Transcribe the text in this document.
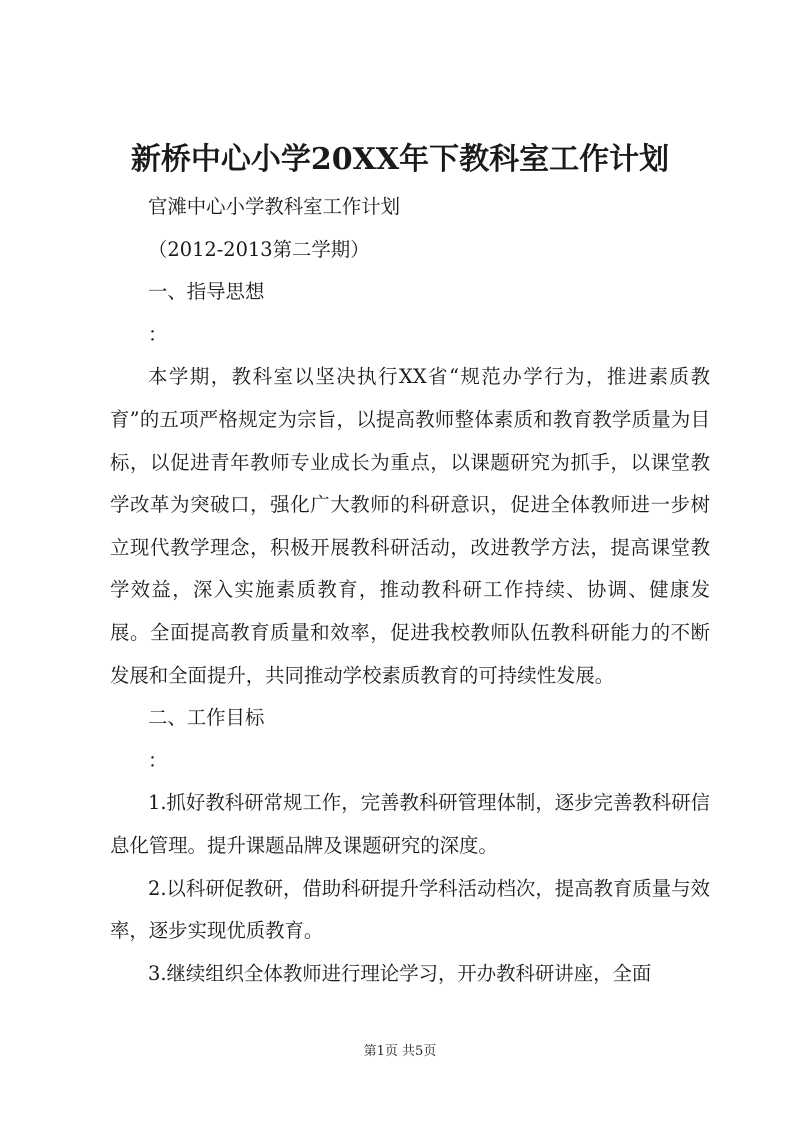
新桥中心小学20XX年下教科室工作计划

官滩中心小学教科室工作计划

（2012-2013第二学期）

一、指导思想

：

本学期，教科室以坚决执行XX省“规范办学行为，推进素质教育”的五项严格规定为宗旨，以提高教师整体素质和教育教学质量为目标，以促进青年教师专业成长为重点，以课题研究为抓手，以课堂教学改革为突破口，强化广大教师的科研意识，促进全体教师进一步树立现代教学理念，积极开展教科研活动，改进教学方法，提高课堂教学效益，深入实施素质教育，推动教科研工作持续、协调、健康发展。全面提高教育质量和效率，促进我校教师队伍教科研能力的不断发展和全面提升，共同推动学校素质教育的可持续性发展。

二、工作目标

：

1.抓好教科研常规工作，完善教科研管理体制，逐步完善教科研信息化管理。提升课题品牌及课题研究的深度。

2.以科研促教研，借助科研提升学科活动档次，提高教育质量与效率，逐步实现优质教育。

3.继续组织全体教师进行理论学习，开办教科研讲座，全面

第1页 共5页
